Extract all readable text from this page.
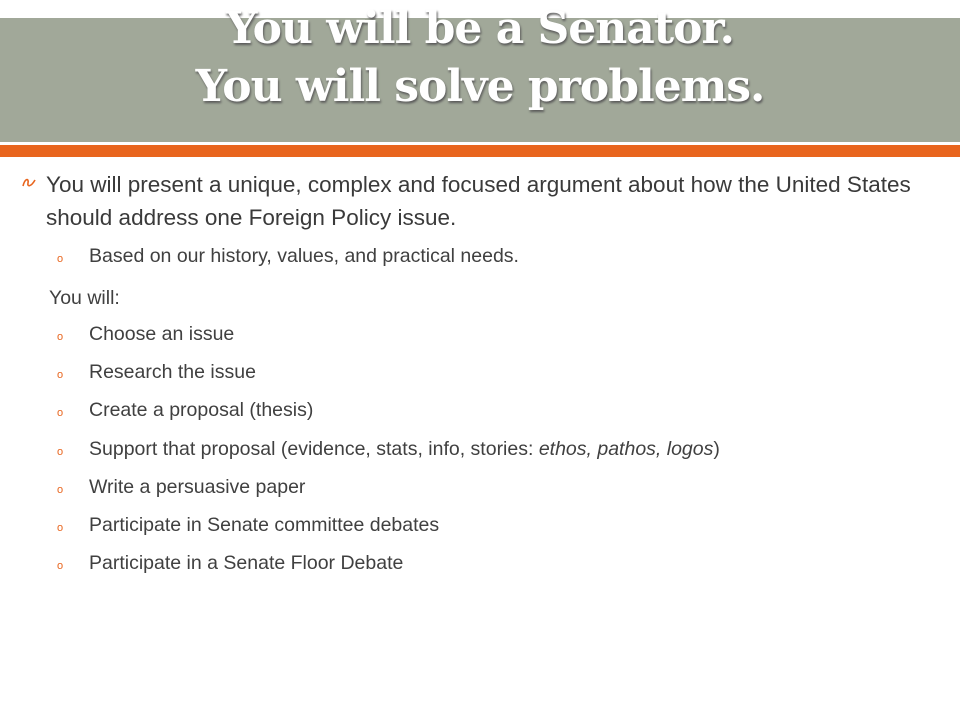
You will be a Senator.
You will solve problems.
You will present a unique, complex and focused argument about how the United States should address one Foreign Policy issue.
o Based on our history, values, and practical needs.
You will:
o Choose an issue
o Research the issue
o Create a proposal (thesis)
o Support that proposal (evidence, stats, info, stories: ethos, pathos, logos)
o Write a persuasive paper
o Participate in Senate committee debates
o Participate in a Senate Floor Debate
